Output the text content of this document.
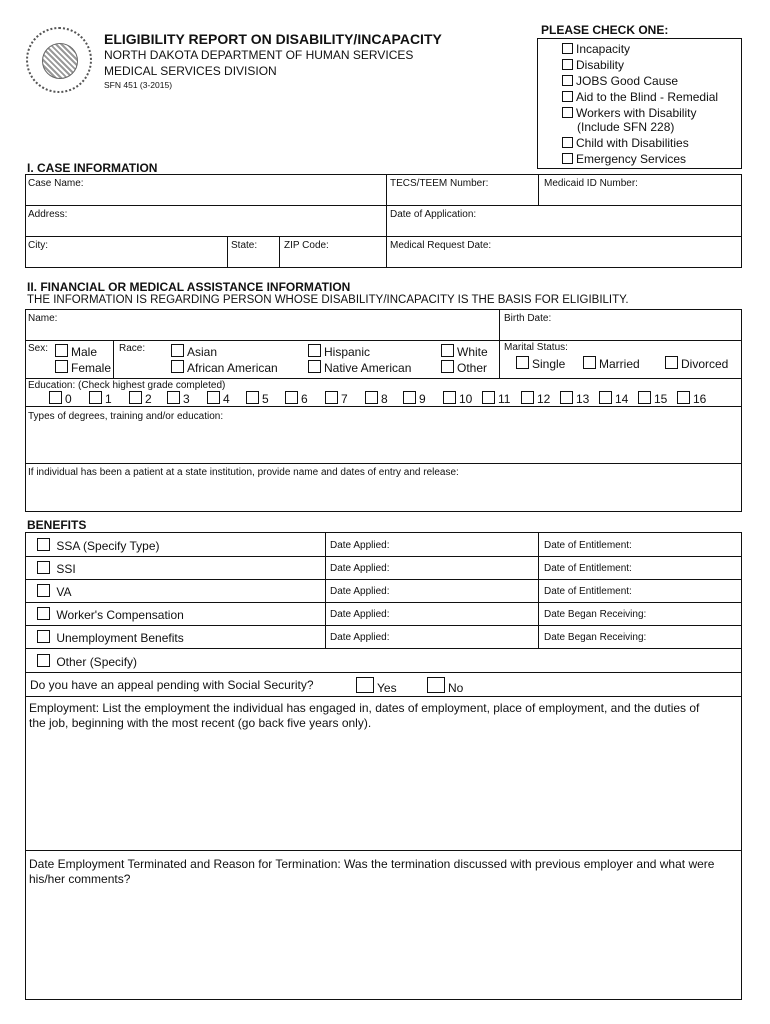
ELIGIBILITY REPORT ON DISABILITY/INCAPACITY
NORTH DAKOTA DEPARTMENT OF HUMAN SERVICES
MEDICAL SERVICES DIVISION
SFN 451 (3-2015)
PLEASE CHECK ONE:
Incapacity
Disability
JOBS Good Cause
Aid to the Blind - Remedial
Workers with Disability
(Include SFN 228)
Child with Disabilities
Emergency Services
I. CASE INFORMATION
Case Name:	TECS/TEEM Number:	Medicaid ID Number:
Address:	Date of Application:
City:	State:	ZIP Code:	Medical Request Date:
II. FINANCIAL OR MEDICAL ASSISTANCE INFORMATION
THE INFORMATION IS REGARDING PERSON WHOSE DISABILITY/INCAPACITY IS THE BASIS FOR ELIGIBILITY.
Name:	Birth Date:
Sex:	Male
Female
Race:	Asian
African American
Hispanic
Native American
White
Other
Marital Status:
Single	Married	Divorced
Education: (Check highest grade completed)
0	1	2	3	4	5	6	7	8	9	10	11	12	13	14	15	16
Types of degrees, training and/or education:
If individual has been a patient at a state institution, provide name and dates of entry and release:
BENEFITS
SSA (Specify Type)	Date Applied:	Date of Entitlement:
SSI	Date Applied:	Date of Entitlement:
VA	Date Applied:	Date of Entitlement:
Worker's Compensation	Date Applied:	Date Began Receiving:
Unemployment Benefits	Date Applied:	Date Began Receiving:
Other (Specify)
Do you have an appeal pending with Social Security?	Yes	No
Employment: List the employment the individual has engaged in, dates of employment, place of employment, and the duties of the job, beginning with the most recent (go back five years only).
Date Employment Terminated and Reason for Termination: Was the termination discussed with previous employer and what were his/her comments?
